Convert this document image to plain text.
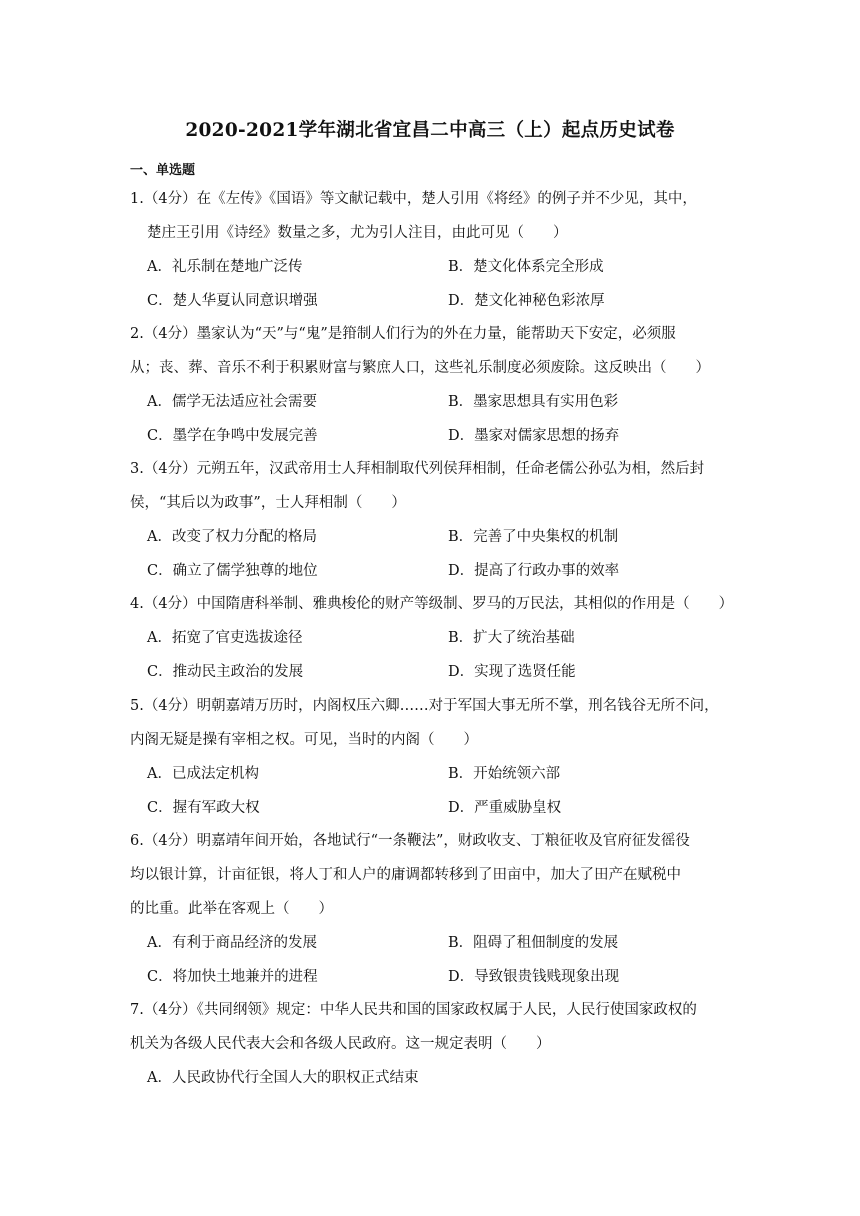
2020-2021学年湖北省宜昌二中高三（上）起点历史试卷
一、单选题
1.（4分）在《左传》《国语》等文献记载中，楚人引用《将经》的例子并不少见，其中，
楚庄王引用《诗经》数量之多，尤为引人注目，由此可见（　　）
A．礼乐制在楚地广泛传	B．楚文化体系完全形成
C．楚人华夏认同意识增强	D．楚文化神秘色彩浓厚
2.（4分）墨家认为“天”与“鬼”是箝制人们行为的外在力量，能帮助天下安定，必须服
从；丧、葬、音乐不利于积累财富与繁庶人口，这些礼乐制度必须废除。这反映出（　　）
A．儒学无法适应社会需要	B．墨家思想具有实用色彩
C．墨学在争鸣中发展完善	D．墨家对儒家思想的扬弃
3.（4分）元朔五年，汉武帝用士人拜相制取代列侯拜相制，任命老儒公孙弘为相，然后封
侯，“其后以为政事”，士人拜相制（　　）
A．改变了权力分配的格局	B．完善了中央集权的机制
C．确立了儒学独尊的地位	D．提高了行政办事的效率
4.（4分）中国隋唐科举制、雅典梭伦的财产等级制、罗马的万民法，其相似的作用是（　　）
A．拓宽了官吏选拔途径	B．扩大了统治基础
C．推动民主政治的发展	D．实现了选贤任能
5.（4分）明朝嘉靖万历时，内阁权压六卿……对于军国大事无所不掌，刑名钱谷无所不问，
内阁无疑是操有宰相之权。可见，当时的内阁（　　）
A．已成法定机构	B．开始统领六部
C．握有军政大权	D．严重威胁皇权
6.（4分）明嘉靖年间开始，各地试行“一条鞭法”，财政收支、丁粮征收及官府征发徭役
均以银计算，计亩征银，将人丁和人户的庸调都转移到了田亩中，加大了田产在赋税中
的比重。此举在客观上（　　）
A．有利于商品经济的发展	B．阻碍了租佃制度的发展
C．将加快土地兼并的进程	D．导致银贵钱贱现象出现
7.（4分）《共同纲领》规定：中华人民共和国的国家政权属于人民，人民行使国家政权的
机关为各级人民代表大会和各级人民政府。这一规定表明（　　）
A．人民政协代行全国人大的职权正式结束
